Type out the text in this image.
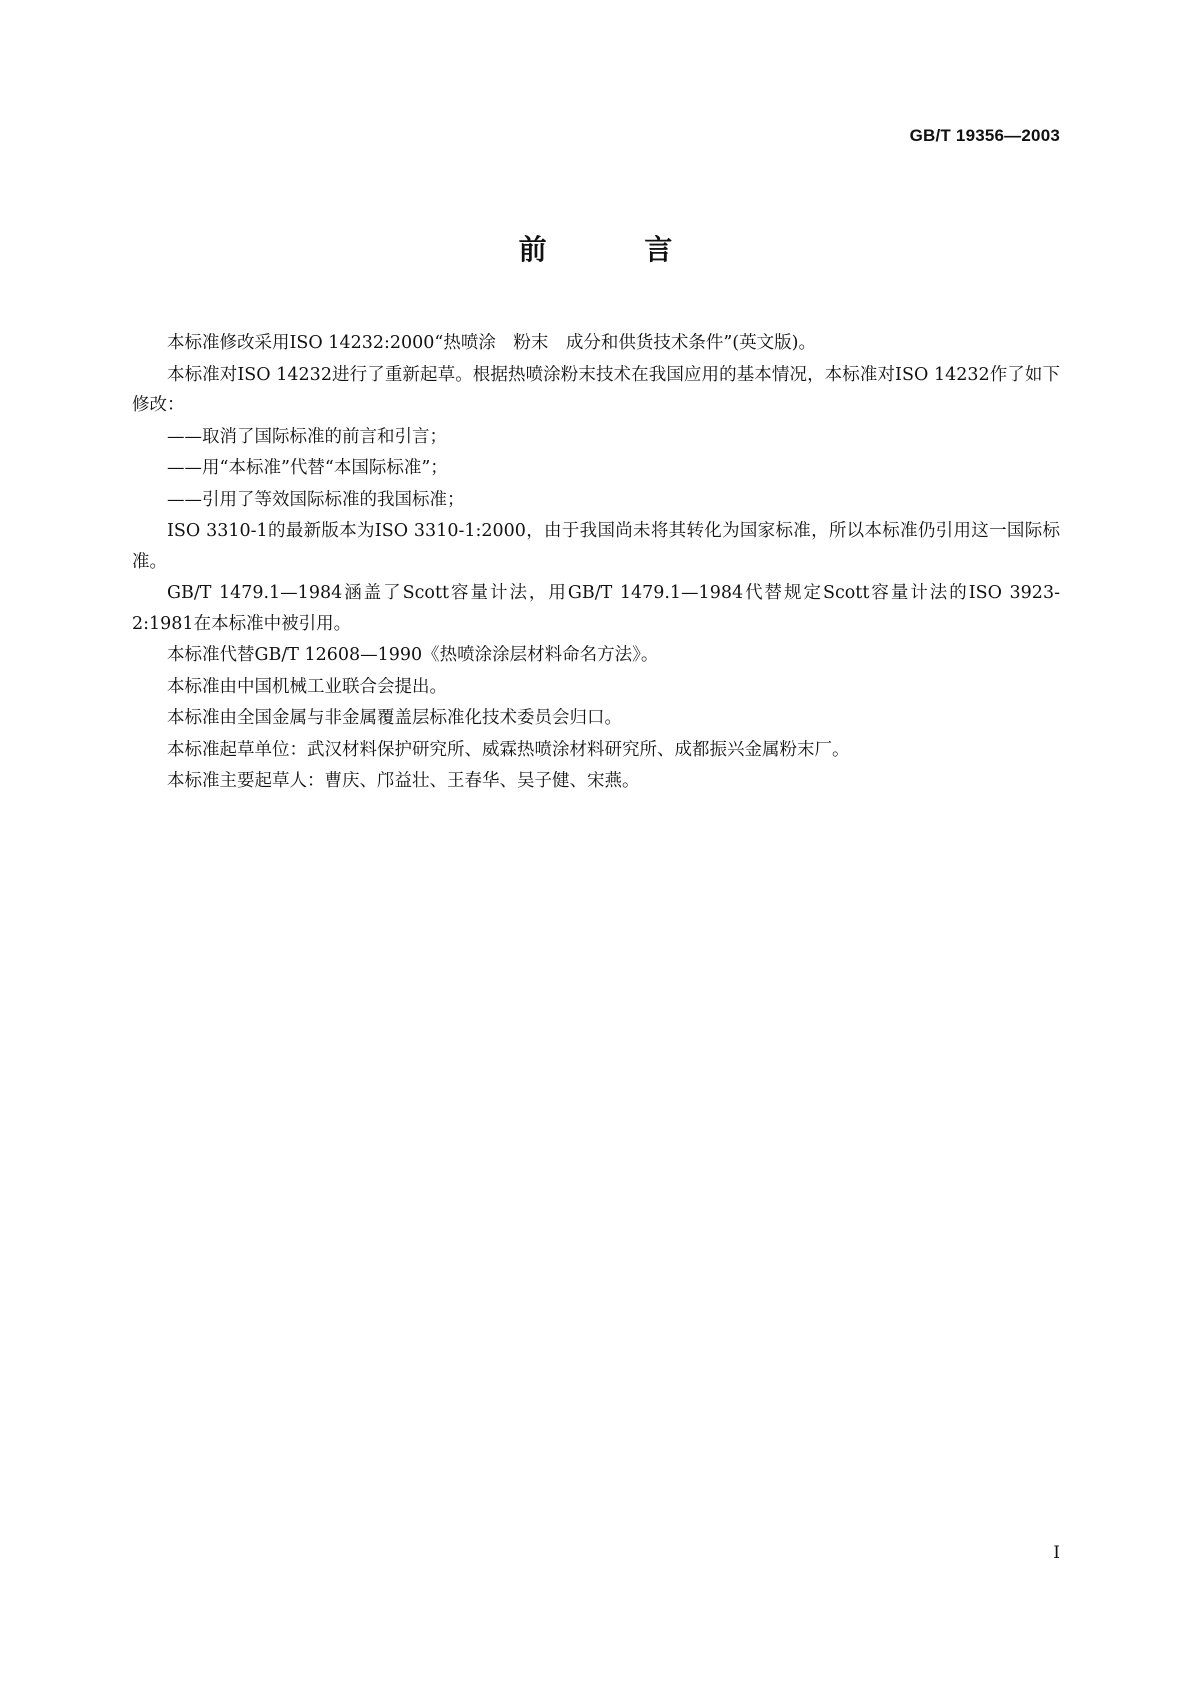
GB/T 19356—2003
前 言

本标准修改采用ISO 14232:2000“热喷涂　粉末　成分和供货技术条件”(英文版)。

本标准对ISO 14232进行了重新起草。根据热喷涂粉末技术在我国应用的基本情况，本标准对ISO 14232作了如下修改：

——取消了国际标准的前言和引言；

——用“本标准”代替“本国际标准”；

——引用了等效国际标准的我国标准；

ISO 3310-1的最新版本为ISO 3310-1:2000，由于我国尚未将其转化为国家标准，所以本标准仍引用这一国际标准。

GB/T 1479.1—1984涵盖了Scott容量计法，用GB/T 1479.1—1984代替规定Scott容量计法的ISO 3923-2:1981在本标准中被引用。

本标准代替GB/T 12608—1990《热喷涂涂层材料命名方法》。

本标准由中国机械工业联合会提出。

本标准由全国金属与非金属覆盖层标准化技术委员会归口。

本标准起草单位：武汉材料保护研究所、威霖热喷涂材料研究所、成都振兴金属粉末厂。

本标准主要起草人：曹庆、邝益壮、王春华、吴子健、宋燕。

I
